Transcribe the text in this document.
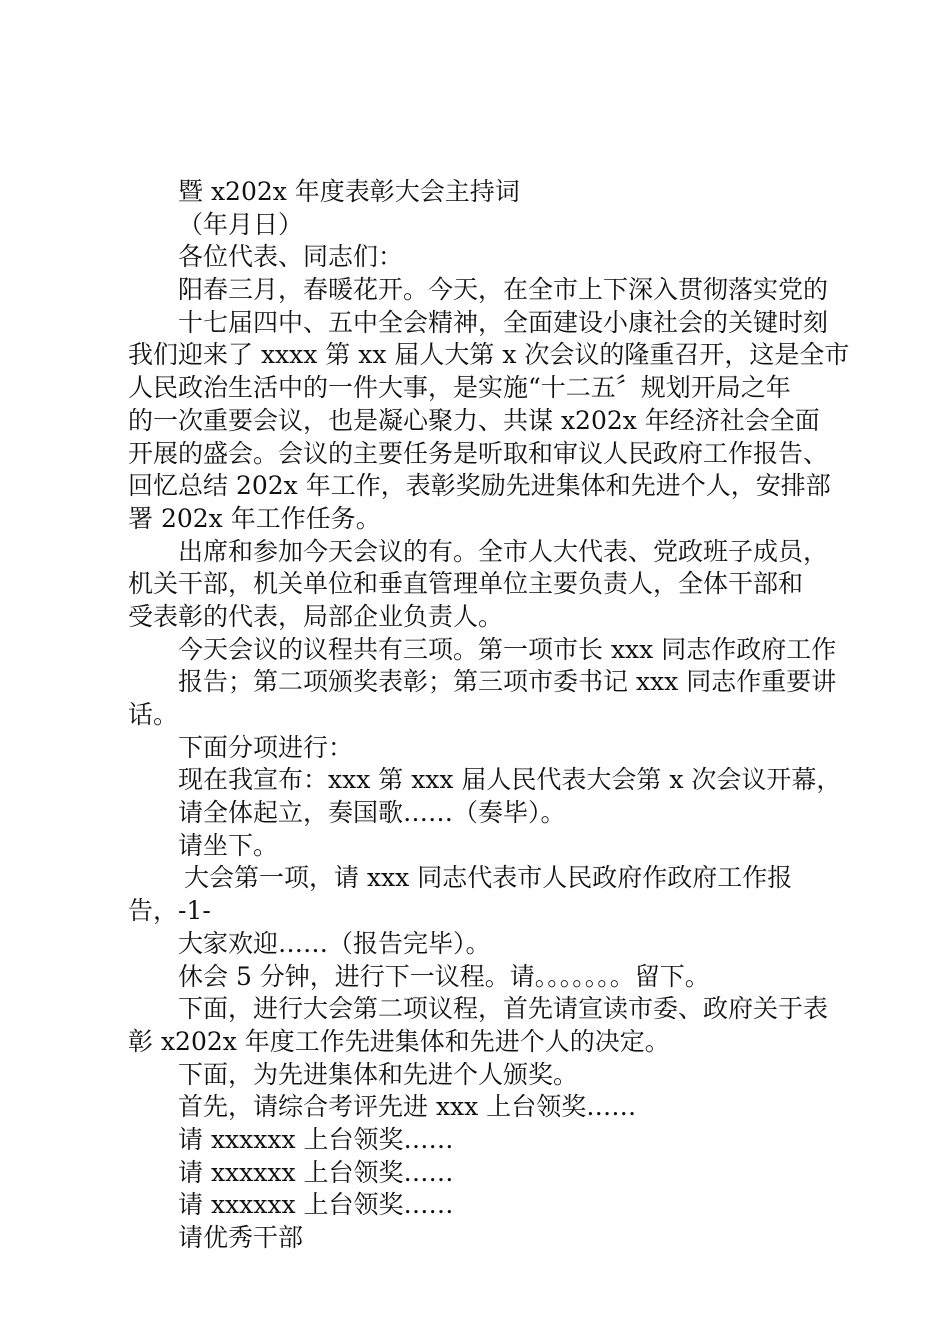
暨 x202x 年度表彰大会主持词
（年月日）
各位代表、同志们：
阳春三月，春暖花开。今天，在全市上下深入贯彻落实党的
十七届四中、五中全会精神，全面建设小康社会的关键时刻
我们迎来了 xxxx 第 xx 届人大第 x 次会议的隆重召开，这是全市
人民政治生活中的一件大事，是实施“十二五〞规划开局之年
的一次重要会议，也是凝心聚力、共谋 x202x 年经济社会全面
开展的盛会。会议的主要任务是听取和审议人民政府工作报告、
回忆总结 202x 年工作，表彰奖励先进集体和先进个人，安排部
署 202x 年工作任务。
出席和参加今天会议的有。全市人大代表、党政班子成员，
机关干部，机关单位和垂直管理单位主要负责人，全体干部和
受表彰的代表，局部企业负责人。
今天会议的议程共有三项。第一项市长 xxx 同志作政府工作
报告；第二项颁奖表彰；第三项市委书记 xxx 同志作重要讲
话。
下面分项进行：
现在我宣布：xxx 第 xxx 届人民代表大会第 x 次会议开幕，
请全体起立，奏国歌……（奏毕）。
请坐下。
大会第一项，请 xxx 同志代表市人民政府作政府工作报
告，-1-
大家欢迎……（报告完毕）。
休会 5 分钟，进行下一议程。请。。。。。。。留下。
下面，进行大会第二项议程，首先请宣读市委、政府关于表
彰 x202x 年度工作先进集体和先进个人的决定。
下面，为先进集体和先进个人颁奖。
首先，请综合考评先进 xxx 上台领奖……
请 xxxxxx 上台领奖……
请 xxxxxx 上台领奖……
请 xxxxxx 上台领奖……
请优秀干部
